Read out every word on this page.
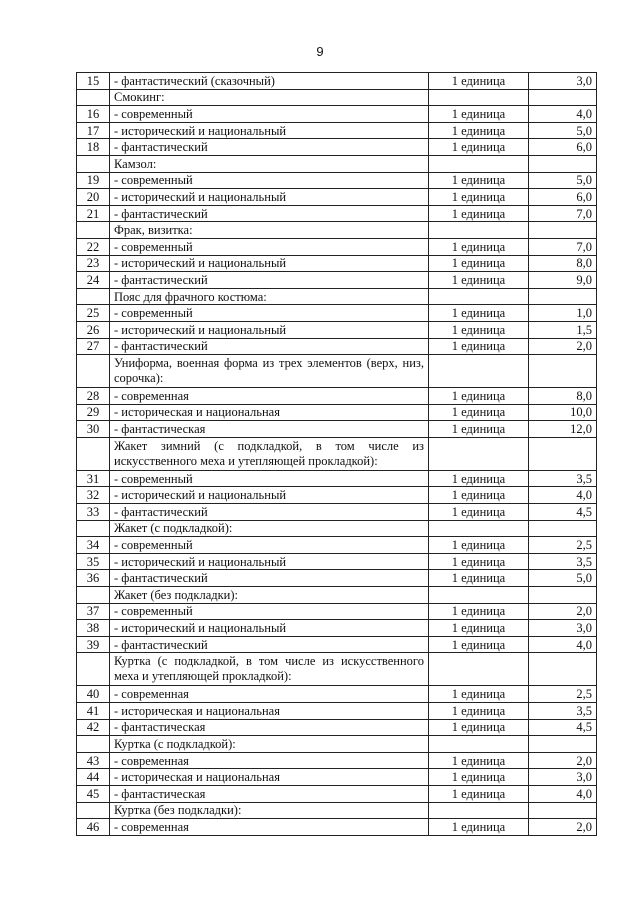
9
15	- фантастический (сказочный)	1 единица	3,0
	Смокинг:		
16	- современный	1 единица	4,0
17	- исторический и национальный	1 единица	5,0
18	- фантастический	1 единица	6,0
	Камзол:		
19	- современный	1 единица	5,0
20	- исторический и национальный	1 единица	6,0
21	- фантастический	1 единица	7,0
	Фрак, визитка:		
22	- современный	1 единица	7,0
23	- исторический и национальный	1 единица	8,0
24	- фантастический	1 единица	9,0
	Пояс для фрачного костюма:		
25	- современный	1 единица	1,0
26	- исторический и национальный	1 единица	1,5
27	- фантастический	1 единица	2,0
	Униформа, военная форма из трех элементов (верх, низ, сорочка):		
28	- современная	1 единица	8,0
29	- историческая и национальная	1 единица	10,0
30	- фантастическая	1 единица	12,0
	Жакет зимний (с подкладкой, в том числе из искусственного меха и утепляющей прокладкой):		
31	- современный	1 единица	3,5
32	- исторический и национальный	1 единица	4,0
33	- фантастический	1 единица	4,5
	Жакет (с подкладкой):		
34	- современный	1 единица	2,5
35	- исторический и национальный	1 единица	3,5
36	- фантастический	1 единица	5,0
	Жакет (без подкладки):		
37	- современный	1 единица	2,0
38	- исторический и национальный	1 единица	3,0
39	- фантастический	1 единица	4,0
	Куртка (с подкладкой, в том числе из искусственного меха и утепляющей прокладкой):		
40	- современная	1 единица	2,5
41	- историческая и национальная	1 единица	3,5
42	- фантастическая	1 единица	4,5
	Куртка (с подкладкой):		
43	- современная	1 единица	2,0
44	- историческая и национальная	1 единица	3,0
45	- фантастическая	1 единица	4,0
	Куртка (без подкладки):		
46	- современная	1 единица	2,0
